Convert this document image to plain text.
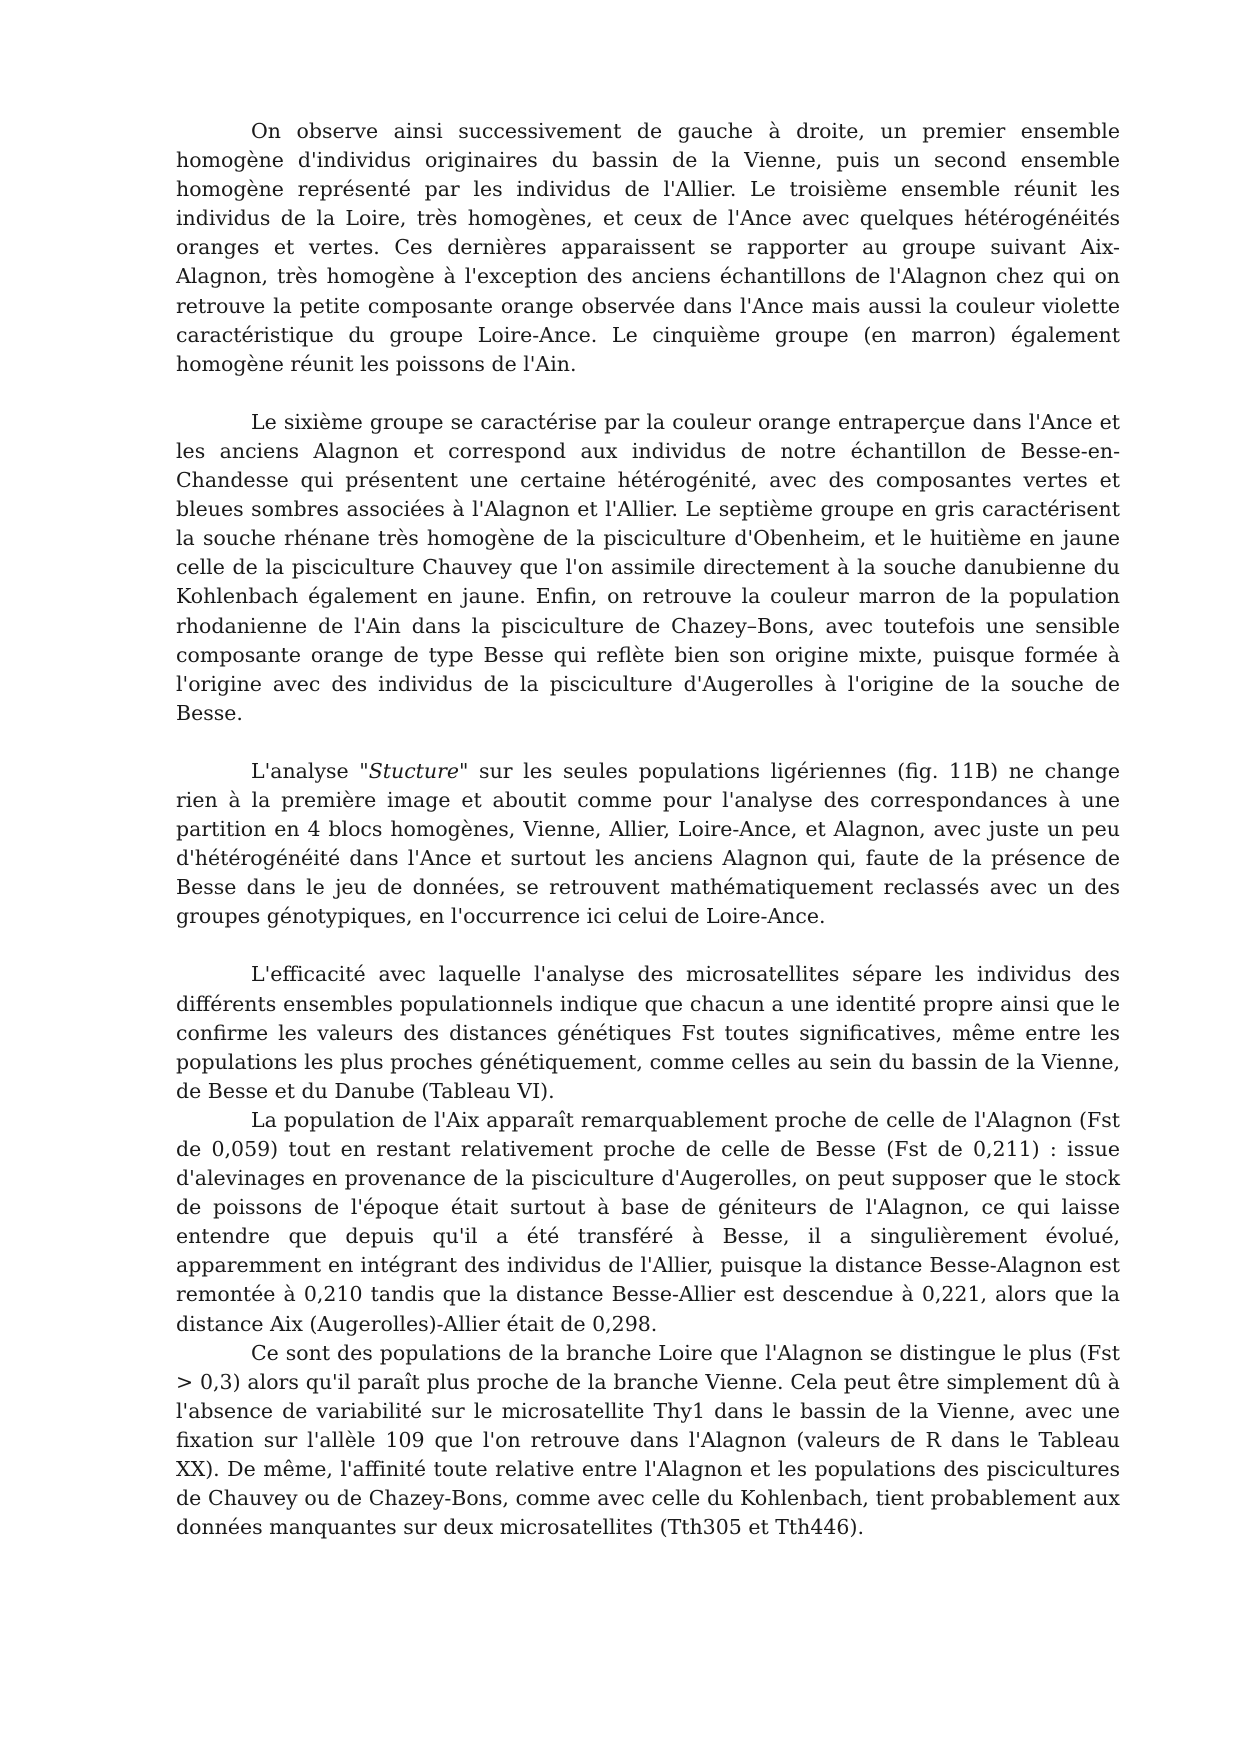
On observe ainsi successivement de gauche à droite, un premier ensemble homogène d'individus originaires du bassin de la Vienne, puis un second ensemble homogène représenté par les individus de l'Allier. Le troisième ensemble réunit les individus de la Loire, très homogènes, et ceux de l'Ance avec quelques hétérogénéités oranges et vertes. Ces dernières apparaissent se rapporter au groupe suivant Aix-Alagnon, très homogène à l'exception des anciens échantillons de l'Alagnon chez qui on retrouve la petite composante orange observée dans l'Ance mais aussi la couleur violette caractéristique du groupe Loire-Ance. Le cinquième groupe (en marron) également homogène réunit les poissons de l'Ain.

Le sixième groupe se caractérise par la couleur orange entraperçue dans l'Ance et les anciens Alagnon et correspond aux individus de notre échantillon de Besse-en-Chandesse qui présentent une certaine hétérogénité, avec des composantes vertes et bleues sombres associées à l'Alagnon et l'Allier. Le septième groupe en gris caractérisent la souche rhénane très homogène de la pisciculture d'Obenheim, et le huitième en jaune celle de la pisciculture Chauvey que l'on assimile directement à la souche danubienne du Kohlenbach également en jaune. Enfin, on retrouve la couleur marron de la population rhodanienne de l'Ain dans la pisciculture de Chazey–Bons, avec toutefois une sensible composante orange de type Besse qui reflète bien son origine mixte, puisque formée à l'origine avec des individus de la pisciculture d'Augerolles à l'origine de la souche de Besse.

L'analyse "Stucture" sur les seules populations ligériennes (fig. 11B) ne change rien à la première image et aboutit comme pour l'analyse des correspondances à une partition en 4 blocs homogènes, Vienne, Allier, Loire-Ance, et Alagnon, avec juste un peu d'hétérogénéité dans l'Ance et surtout les anciens Alagnon qui, faute de la présence de Besse dans le jeu de données, se retrouvent mathématiquement reclassés avec un des groupes génotypiques, en l'occurrence ici celui de Loire-Ance.

L'efficacité avec laquelle l'analyse des microsatellites sépare les individus des différents ensembles populationnels indique que chacun a une identité propre ainsi que le confirme les valeurs des distances génétiques Fst toutes significatives, même entre les populations les plus proches génétiquement, comme celles au sein du bassin de la Vienne, de Besse et du Danube (Tableau VI).

La population de l'Aix apparaît remarquablement proche de celle de l'Alagnon (Fst de 0,059) tout en restant relativement proche de celle de Besse (Fst de 0,211) : issue d'alevinages en provenance de la pisciculture d'Augerolles, on peut supposer que le stock de poissons de l'époque était surtout à base de géniteurs de l'Alagnon, ce qui laisse entendre que depuis qu'il a été transféré à Besse, il a singulièrement évolué, apparemment en intégrant des individus de l'Allier, puisque la distance Besse-Alagnon est remontée à 0,210 tandis que la distance Besse-Allier est descendue à 0,221, alors que la distance Aix (Augerolles)-Allier était de 0,298.

Ce sont des populations de la branche Loire que l'Alagnon se distingue le plus (Fst > 0,3) alors qu'il paraît plus proche de la branche Vienne. Cela peut être simplement dû à l'absence de variabilité sur le microsatellite Thy1 dans le bassin de la Vienne, avec une fixation sur l'allèle 109 que l'on retrouve dans l'Alagnon (valeurs de R dans le Tableau XX). De même, l'affinité toute relative entre l'Alagnon et les populations des piscicultures de Chauvey ou de Chazey-Bons, comme avec celle du Kohlenbach, tient probablement aux données manquantes sur deux microsatellites (Tth305 et Tth446).
